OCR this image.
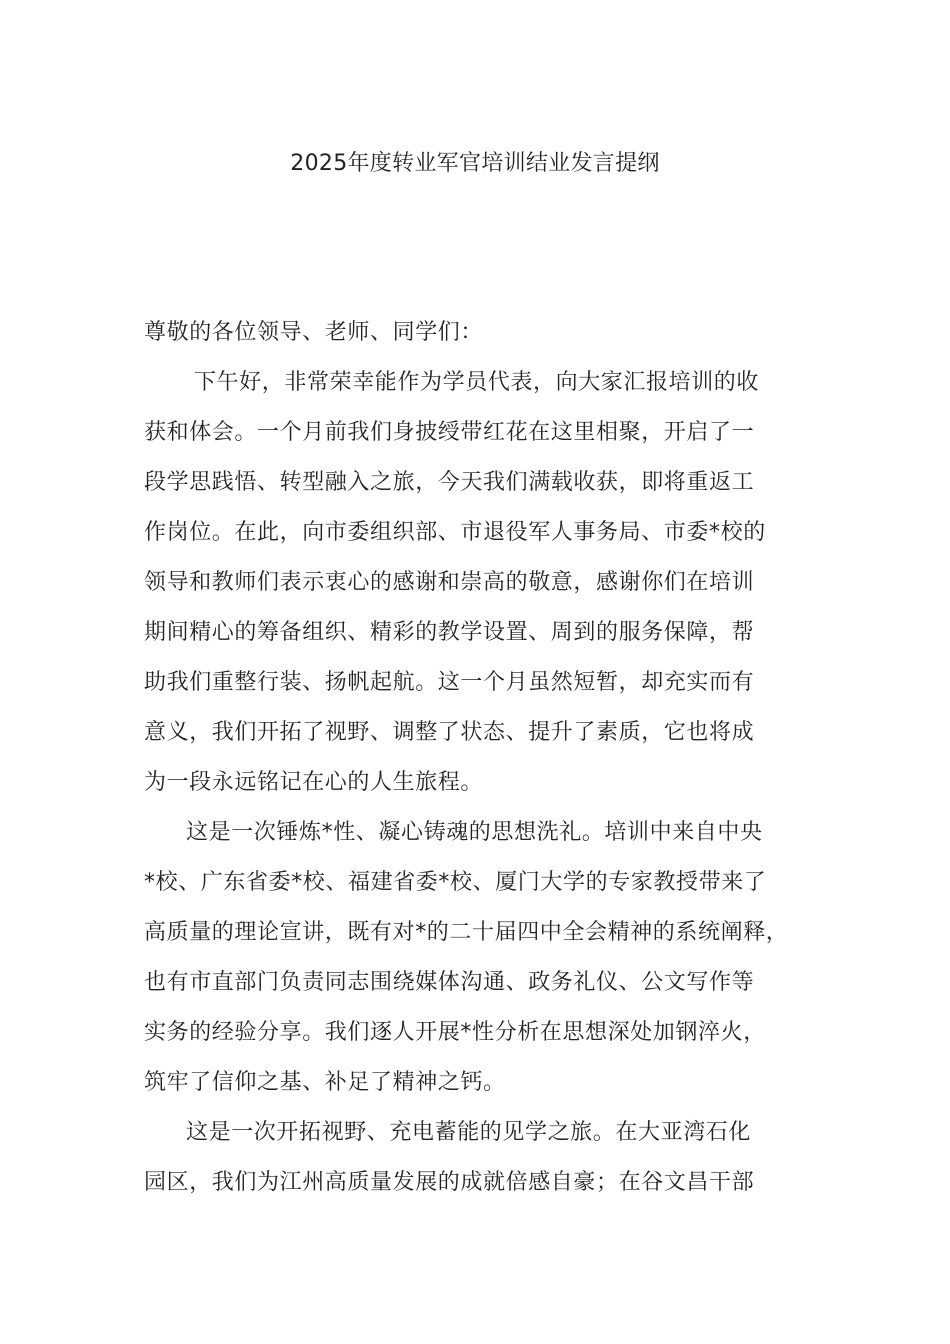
2025年度转业军官培训结业发言提纲
尊敬的各位领导、老师、同学们：
下午好，非常荣幸能作为学员代表，向大家汇报培训的收
获和体会。一个月前我们身披绶带红花在这里相聚，开启了一
段学思践悟、转型融入之旅，今天我们满载收获，即将重返工
作岗位。在此，向市委组织部、市退役军人事务局、市委*校的
领导和教师们表示衷心的感谢和崇高的敬意，感谢你们在培训
期间精心的筹备组织、精彩的教学设置、周到的服务保障，帮
助我们重整行装、扬帆起航。这一个月虽然短暂，却充实而有
意义，我们开拓了视野、调整了状态、提升了素质，它也将成
为一段永远铭记在心的人生旅程。
这是一次锤炼*性、凝心铸魂的思想洗礼。培训中来自中央
*校、广东省委*校、福建省委*校、厦门大学的专家教授带来了
高质量的理论宣讲，既有对*的二十届四中全会精神的系统阐释，
也有市直部门负责同志围绕媒体沟通、政务礼仪、公文写作等
实务的经验分享。我们逐人开展*性分析在思想深处加钢淬火，
筑牢了信仰之基、补足了精神之钙。
这是一次开拓视野、充电蓄能的见学之旅。在大亚湾石化
园区，我们为江州高质量发展的成就倍感自豪；在谷文昌干部
